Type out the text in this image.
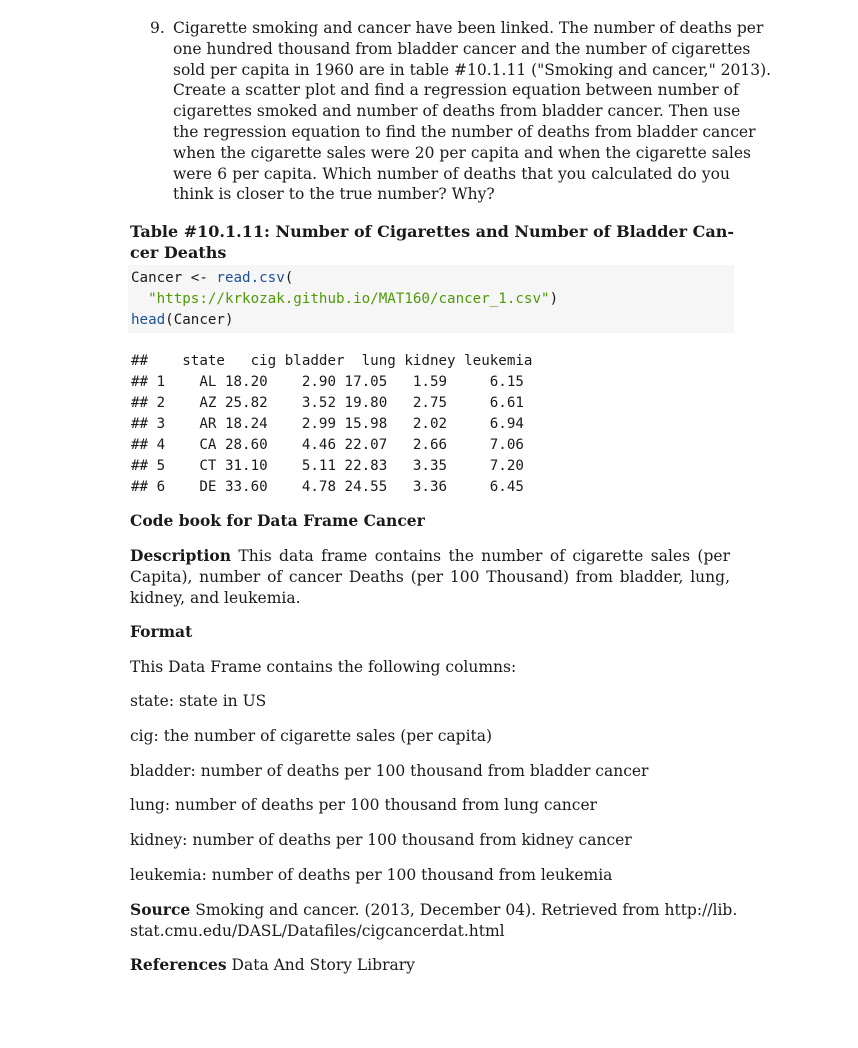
9. Cigarette smoking and cancer have been linked. The number of deaths per
one hundred thousand from bladder cancer and the number of cigarettes
sold per capita in 1960 are in table #10.1.11 ("Smoking and cancer," 2013).
Create a scatter plot and find a regression equation between number of
cigarettes smoked and number of deaths from bladder cancer. Then use
the regression equation to find the number of deaths from bladder cancer
when the cigarette sales were 20 per capita and when the cigarette sales
were 6 per capita. Which number of deaths that you calculated do you
think is closer to the true number? Why?
Table #10.1.11: Number of Cigarettes and Number of Bladder Can-
cer Deaths
Cancer <- read.csv(
"https://krkozak.github.io/MAT160/cancer_1.csv")
head(Cancer)
##    state   cig bladder  lung kidney leukemia
## 1    AL 18.20    2.90 17.05   1.59     6.15
## 2    AZ 25.82    3.52 19.80   2.75     6.61
## 3    AR 18.24    2.99 15.98   2.02     6.94
## 4    CA 28.60    4.46 22.07   2.66     7.06
## 5    CT 31.10    5.11 22.83   3.35     7.20
## 6    DE 33.60    4.78 24.55   3.36     6.45
Code book for Data Frame Cancer
Description This data frame contains the number of cigarette sales (per
Capita), number of cancer Deaths (per 100 Thousand) from bladder, lung,
kidney, and leukemia.
Format
This Data Frame contains the following columns:
state: state in US
cig: the number of cigarette sales (per capita)
bladder: number of deaths per 100 thousand from bladder cancer
lung: number of deaths per 100 thousand from lung cancer
kidney: number of deaths per 100 thousand from kidney cancer
leukemia: number of deaths per 100 thousand from leukemia
Source Smoking and cancer. (2013, December 04). Retrieved from http://lib.
stat.cmu.edu/DASL/Datafiles/cigcancerdat.html
References Data And Story Library
